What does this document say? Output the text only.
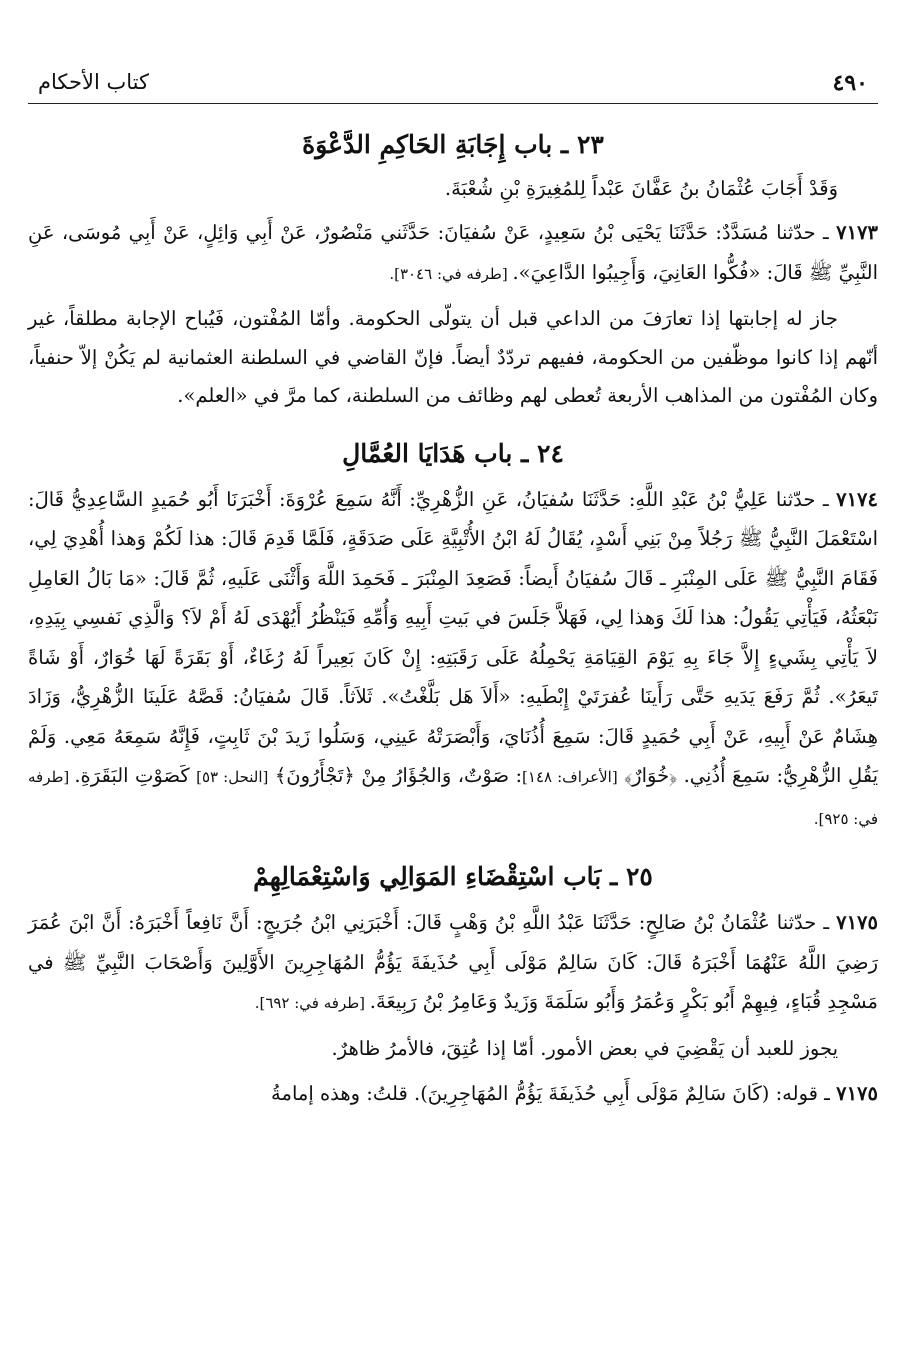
٤٩٠
كتاب الأحكام
٢٣ ـ باب إِجَابَةِ الحَاكِمِ الدَّعْوَةَ

وَقَدْ أَجَابَ عُثْمَانُ بنُ عَفَّانَ عَبْداً لِلمُغِيرَةِ بْنِ شُعْبَةَ.

٧١٧٣ ـ حدّثنا مُسَدَّدٌ: حَدَّثَنَا يَحْيَى بْنُ سَعِيدٍ، عَنْ سُفيَانَ: حَدَّثَني مَنْصُورٌ، عَنْ أَبِي وَائِلٍ، عَنْ أَبِي مُوسَى، عَنِ النَّبِيِّ ﷺ قَالَ: «فُكُّوا العَانِيَ، وَأَجِيبُوا الدَّاعِيَ». [طرفه في: ٣٠٤٦].

جاز له إجابتها إذا تعارَفَ من الداعي قبل أن يتولّى الحكومة. وأمّا المُفْتون، فَيُباح الإجابة مطلقاً، غير أنّهم إذا كانوا موظّفين من الحكومة، ففيهم تردّدٌ أيضاً. فإنّ القاضي في السلطنة العثمانية لم يَكُنْ إلاّ حنفياً، وكان المُفْتون من المذاهب الأربعة تُعطى لهم وظائف من السلطنة، كما مرَّ في «العلم».

٢٤ ـ باب هَدَايَا العُمَّالِ

٧١٧٤ ـ حدّثنا عَلِيُّ بْنُ عَبْدِ اللَّهِ: حَدَّثَنَا سُفيَانُ، عَنِ الزُّهْرِيِّ: أَنَّهُ سَمِعَ عُرْوَةَ: أَخْبَرَنَا أَبُو حُمَيدٍ السَّاعِدِيُّ قَالَ: اسْتَعْمَلَ النَّبِيُّ ﷺ رَجُلاً مِنْ بَنِي أَسْدٍ، يُقَالُ لَهُ ابْنُ الأُتْبِيَّةِ عَلَى صَدَقَةٍ، فَلَمَّا قَدِمَ قَالَ: هذا لَكُمْ وَهذا أُهْدِيَ لِي، فَقَامَ النَّبِيُّ ﷺ عَلَى المِنْبَرِ ـ قَالَ سُفيَانُ أَيضاً: فَصَعِدَ المِنْبَرَ ـ فَحَمِدَ اللَّهَ وَأَثْنَى عَلَيهِ، ثُمَّ قَالَ: «مَا بَالُ العَامِلِ نَبْعَثُهُ، فَيَأْتِي يَقُولُ: هذا لَكَ وَهذا لِي، فَهَلاَّ جَلَسَ في بَيتِ أَبِيهِ وَأُمِّهِ فَيَنْظُرُ أَيُهْدَى لَهُ أَمْ لاَ؟ وَالَّذِي نَفسِي بِيَدِهِ، لاَ يَأْتِي بِشَيءٍ إِلاَّ جَاءَ بِهِ يَوْمَ القِيَامَةِ يَحْمِلُهُ عَلَى رَقَبَتِهِ: إِنْ كَانَ بَعِيراً لَهُ رُغَاءٌ، أَوْ بَقَرَةً لَهَا خُوَارٌ، أَوْ شَاةً تَيعَرُ». ثُمَّ رَفَعَ يَدَيهِ حَتَّى رَأَينَا عُفرَتَيْ إِبْطَيهِ: «أَلاَ هَل بَلَّغْتُ». ثَلاَثاً. قَالَ سُفيَانُ: قَصَّهُ عَلَينَا الزُّهْرِيُّ، وَزَادَ هِشَامٌ عَنْ أَبِيهِ، عَنْ أَبِي حُمَيدٍ قَالَ: سَمِعَ أُذُنَايَ، وَأَبْصَرَتْهُ عَينِي، وَسَلُوا زَيدَ بْنَ ثَابِتٍ، فَإِنَّهُ سَمِعَهُ مَعِي. وَلَمْ يَقُلِ الزُّهْرِيُّ: سَمِعَ أُذُنِي. ﴿خُوَارٌ﴾ [الأعراف: ١٤٨]: صَوْتٌ، وَالجُؤَارُ مِنْ ﴿تَجْأَرُونَ﴾ [النحل: ٥٣] كَصَوْتِ البَقَرَةِ. [طرفه في: ٩٢٥].

٢٥ ـ بَاب اسْتِقْضَاءِ المَوَالِي وَاسْتِعْمَالِهِمْ

٧١٧٥ ـ حدّثنا عُثْمَانُ بْنُ صَالِحٍ: حَدَّثَنَا عَبْدُ اللَّهِ بْنُ وَهْبٍ قَالَ: أَخْبَرَنِي ابْنُ جُرَيجٍ: أَنَّ نَافِعاً أَخْبَرَهُ: أَنَّ ابْنَ عُمَرَ رَضِيَ اللَّهُ عَنْهُمَا أَخْبَرَهُ قَالَ: كَانَ سَالِمٌ مَوْلَى أَبِي حُذَيفَةَ يَؤُمُّ المُهَاجِرِينَ الأَوَّلِينَ وَأَصْحَابَ النَّبِيِّ ﷺ في مَسْجِدِ قُبَاءٍ، فِيهِمْ أَبُو بَكْرٍ وَعُمَرُ وَأَبُو سَلَمَةَ وَزَيدٌ وَعَامِرُ بْنُ رَبِيعَةَ. [طرفه في: ٦٩٢].

يجوز للعبد أن يَقْضِيَ في بعض الأمور. أمّا إذا عُتِقَ، فالأمرُ ظاهرٌ.

٧١٧٥ ـ قوله: (كَانَ سَالِمٌ مَوْلَى أَبِي حُذَيفَةَ يَؤُمُّ المُهَاجِرِينَ). قلتُ: وهذه إمامةُ
